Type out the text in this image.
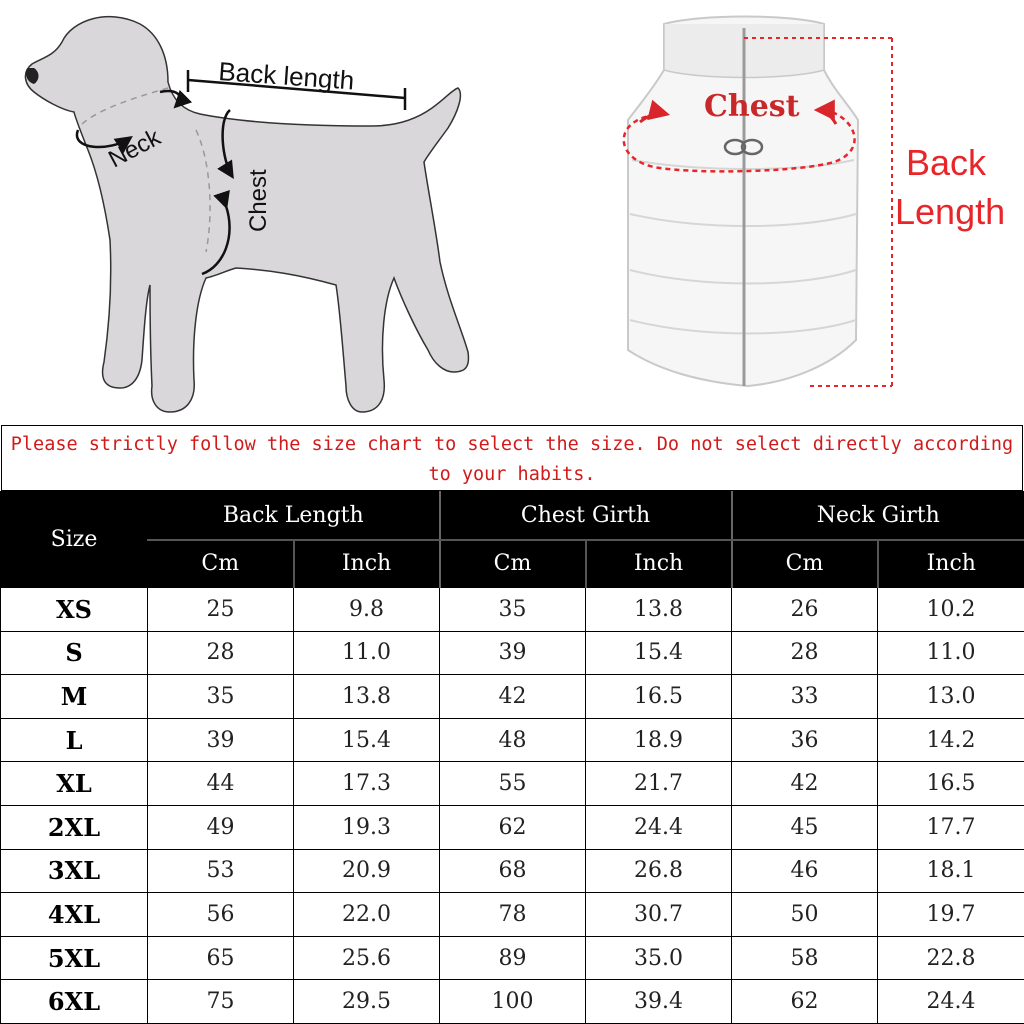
Back length
Neck
Chest
Chest
Back
Length
Please strictly follow the size chart to select the size. Do not select directly according to your habits.
Size	Back Length		Chest Girth		Neck Girth	
	Cm	Inch	Cm	Inch	Cm	Inch
XS	25	9.8	35	13.8	26	10.2
S	28	11.0	39	15.4	28	11.0
M	35	13.8	42	16.5	33	13.0
L	39	15.4	48	18.9	36	14.2
XL	44	17.3	55	21.7	42	16.5
2XL	49	19.3	62	24.4	45	17.7
3XL	53	20.9	68	26.8	46	18.1
4XL	56	22.0	78	30.7	50	19.7
5XL	65	25.6	89	35.0	58	22.8
6XL	75	29.5	100	39.4	62	24.4
